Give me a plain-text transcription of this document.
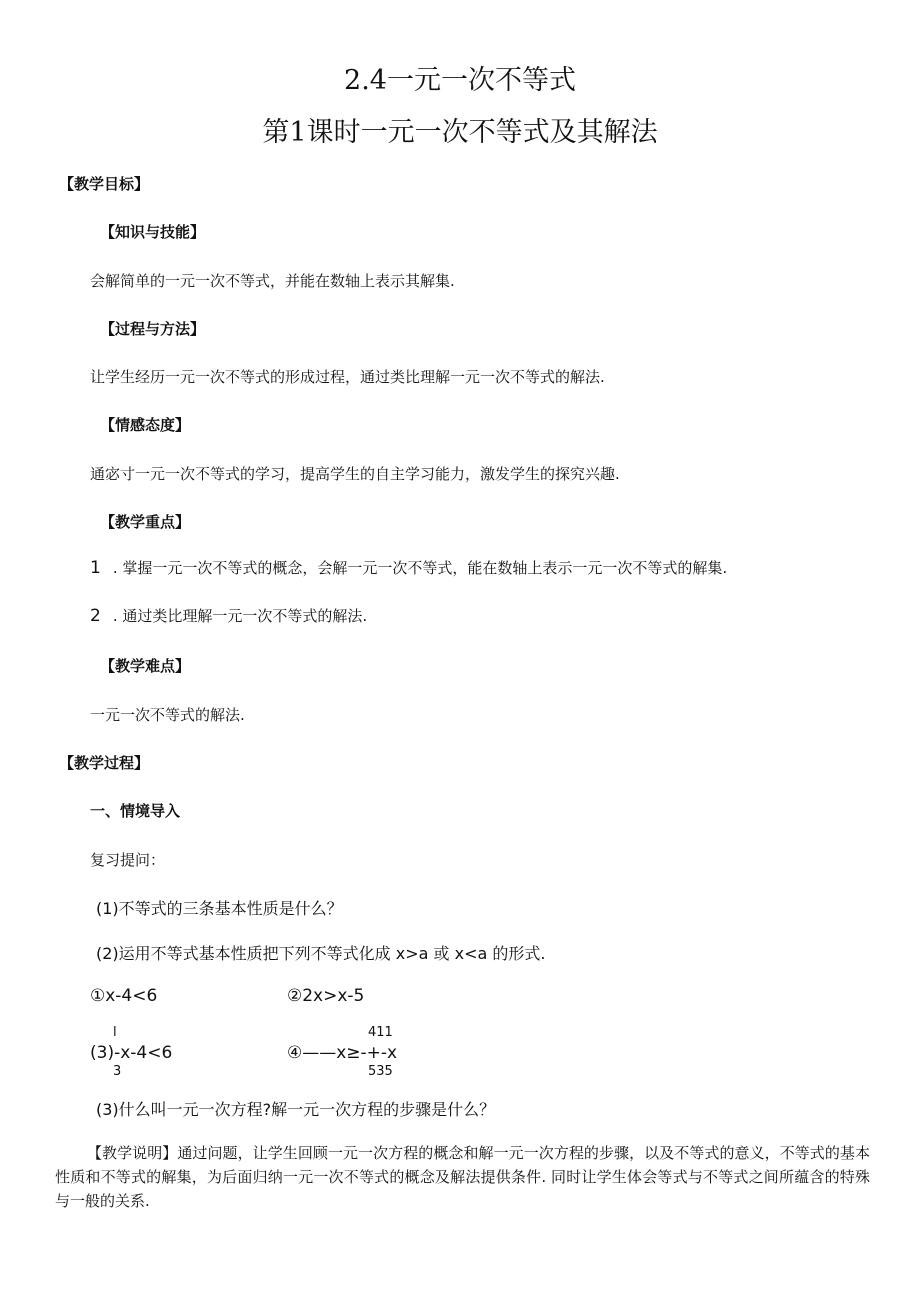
2.4一元一次不等式
第1课时一元一次不等式及其解法
【教学目标】
【知识与技能】
会解简单的一元一次不等式，并能在数轴上表示其解集.
【过程与方法】
让学生经历一元一次不等式的形成过程，通过类比理解一元一次不等式的解法.
【情感态度】
通宓寸一元一次不等式的学习，提高学生的自主学习能力，激发学生的探究兴趣.
【教学重点】
1 . 掌握一元一次不等式的概念，会解一元一次不等式，能在数轴上表示一元一次不等式的解集.
2 . 通过类比理解一元一次不等式的解法.
【教学难点】
一元一次不等式的解法.
【教学过程】
一、情境导入
复习提问：
(1)不等式的三条基本性质是什么？
(2)运用不等式基本性质把下列不等式化成 x>a 或 x<a 的形式.
①x-4<6	②2x>x-5
l
(3)-x-4<6
3
411
④——x≥-+-x
535
(3)什么叫一元一次方程?解一元一次方程的步骤是什么？
【教学说明】通过问题，让学生回顾一元一次方程的概念和解一元一次方程的步骤，以及不等式的意义，不等式的基本性质和不等式的解集，为后面归纳一元一次不等式的概念及解法提供条件. 同时让学生体会等式与不等式之间所蕴含的特殊与一般的关系.
